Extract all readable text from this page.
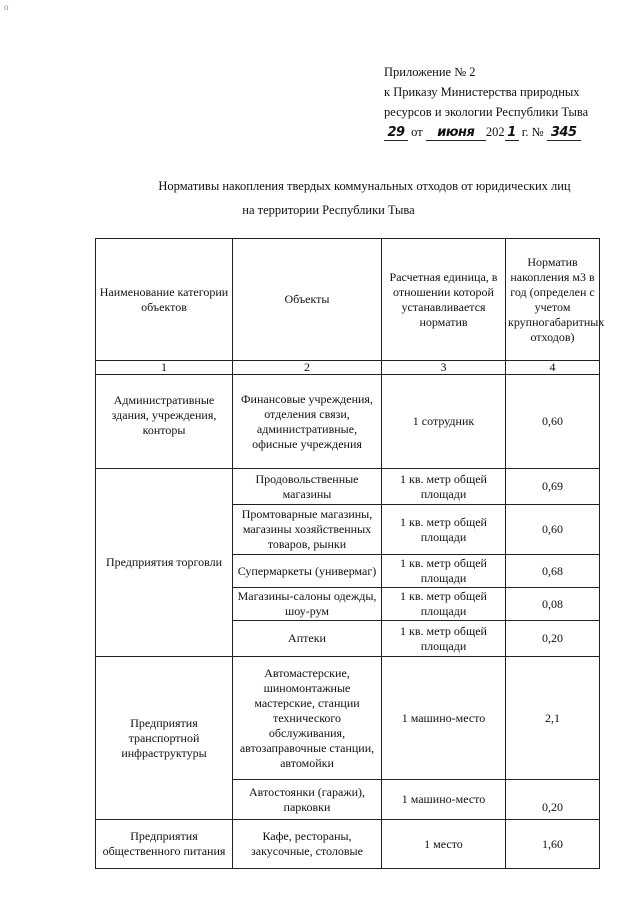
о
Приложение № 2
к Приказу Министерства природных
ресурсов и экологии Республики Тыва
29 от июня 202 1 г. № 345
Нормативы накопления твердых коммунальных отходов от юридических лиц
на территории Республики Тыва
Наименование категории объектов	Объекты	Расчетная единица, в отношении которой устанавливается норматив	Норматив накопления м3 в год (определен с учетом крупногабаритных отходов)
1	2	3	4
Административные здания, учреждения, конторы	Финансовые учреждения, отделения связи, административные, офисные учреждения	1 сотрудник	0,60
Предприятия торговли	Продовольственные магазины	1 кв. метр общей площади	0,69
	Промтоварные магазины, магазины хозяйственных товаров, рынки	1 кв. метр общей площади	0,60
	Супермаркеты (универмаг)	1 кв. метр общей площади	0,68
	Магазины-салоны одежды, шоу-рум	1 кв. метр общей площади	0,08
	Аптеки	1 кв. метр общей площади	0,20
Предприятия транспортной инфраструктуры	Автомастерские, шиномонтажные мастерские, станции технического обслуживания, автозаправочные станции, автомойки	1 машино-место	2,1
	Автостоянки (гаражи), парковки	1 машино-место	0,20
Предприятия общественного питания	Кафе, рестораны, закусочные, столовые	1 место	1,60
